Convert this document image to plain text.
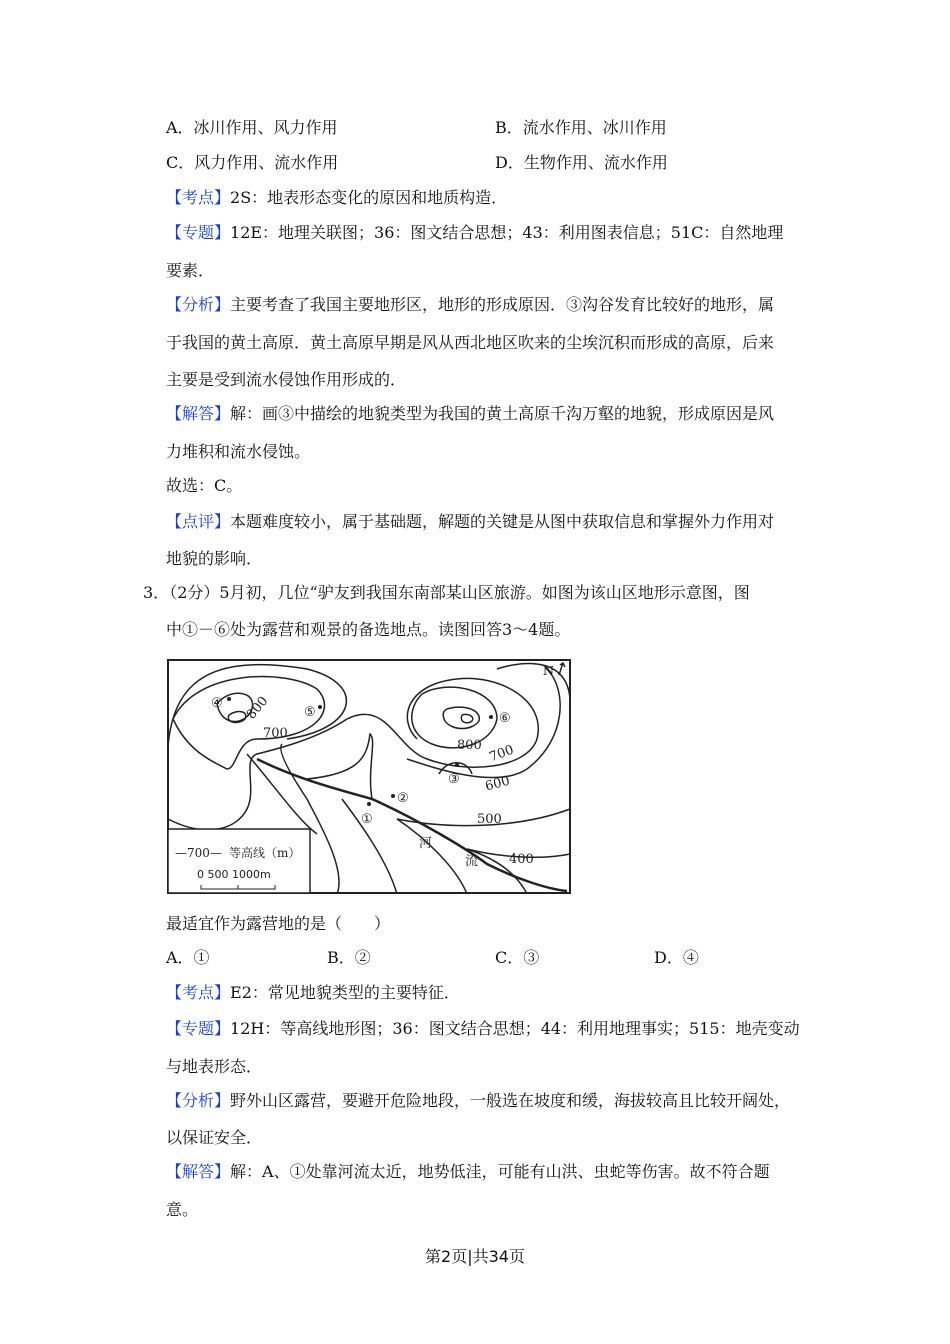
A．冰川作用、风力作用	B．流水作用、冰川作用
C．风力作用、流水作用	D．生物作用、流水作用
【考点】2S：地表形态变化的原因和地质构造．
【专题】12E：地理关联图；36：图文结合思想；43：利用图表信息；51C：自然地理
要素．
【分析】主要考查了我国主要地形区，地形的形成原因．③沟谷发育比较好的地形，属
于我国的黄土高原．黄土高原早期是风从西北地区吹来的尘埃沉积而形成的高原，后来
主要是受到流水侵蚀作用形成的．
【解答】解：画③中描绘的地貌类型为我国的黄土高原千沟万壑的地貌，形成原因是风
力堆积和流水侵蚀。
故选：C。
【点评】本题难度较小，属于基础题，解题的关键是从图中获取信息和掌握外力作用对
地貌的影响．
3．（2分）5月初，几位“驴友到我国东南部某山区旅游。如图为该山区地形示意图，图
中①－⑥处为露营和观景的备选地点。读图回答3～4题。
700
800
800 700
600
500
400
河
流
①
②
③
④
⑤	⑥
N
—700— 等高线（m）
0 500 1000m
最适宜作为露营地的是（　　）
A．①	B．②	C．③	D．④
【考点】E2：常见地貌类型的主要特征．
【专题】12H：等高线地形图；36：图文结合思想；44：利用地理事实；515：地壳变动
与地表形态．
【分析】野外山区露营，要避开危险地段，一般选在坡度和缓，海拔较高且比较开阔处，
以保证安全．
【解答】解：A、①处靠河流太近，地势低洼，可能有山洪、虫蛇等伤害。故不符合题
意。
第2页|共34页
